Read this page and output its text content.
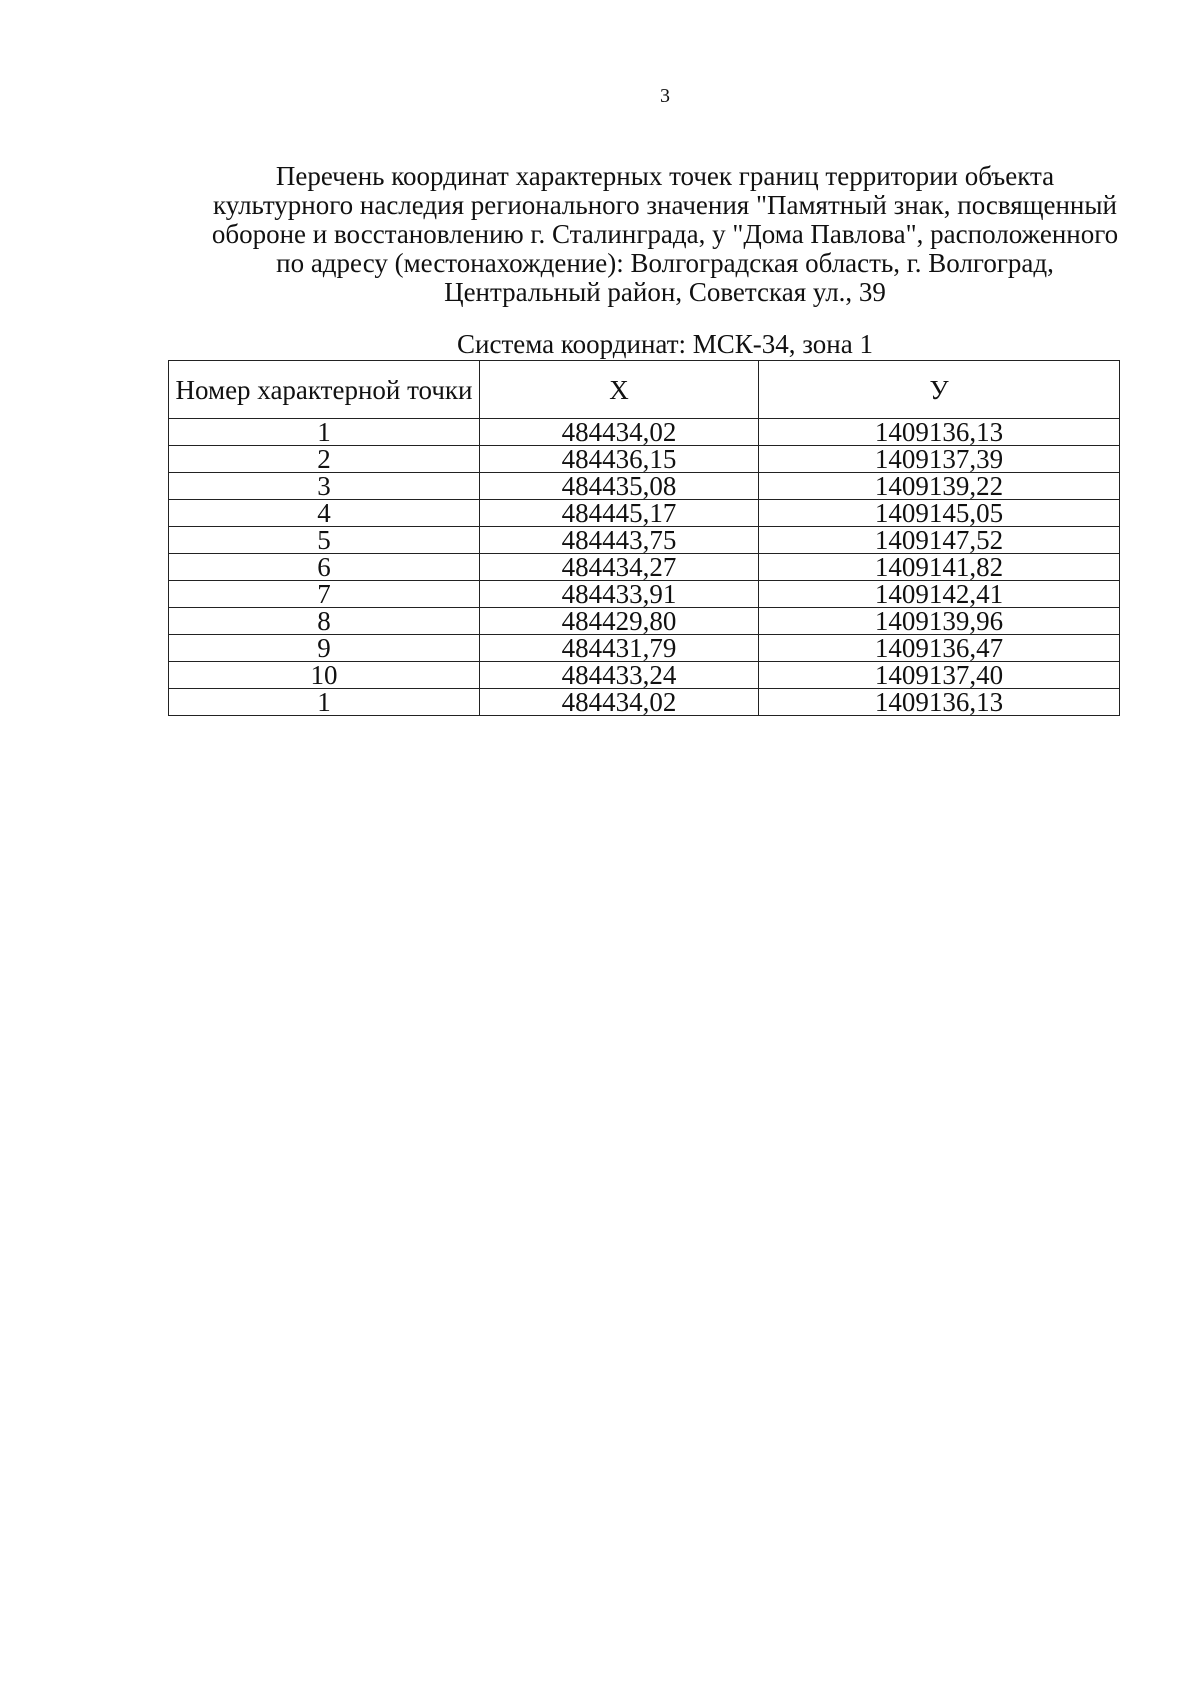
3
Перечень координат характерных точек границ территории объекта
культурного наследия регионального значения "Памятный знак, посвященный
обороне и восстановлению г. Сталинграда, у "Дома Павлова", расположенного
по адресу (местонахождение): Волгоградская область, г. Волгоград,
Центральный район, Советская ул., 39
Система координат: МСК-34, зона 1
Номер характерной точки	Х	У
1	484434,02	1409136,13
2	484436,15	1409137,39
3	484435,08	1409139,22
4	484445,17	1409145,05
5	484443,75	1409147,52
6	484434,27	1409141,82
7	484433,91	1409142,41
8	484429,80	1409139,96
9	484431,79	1409136,47
10	484433,24	1409137,40
1	484434,02	1409136,13
